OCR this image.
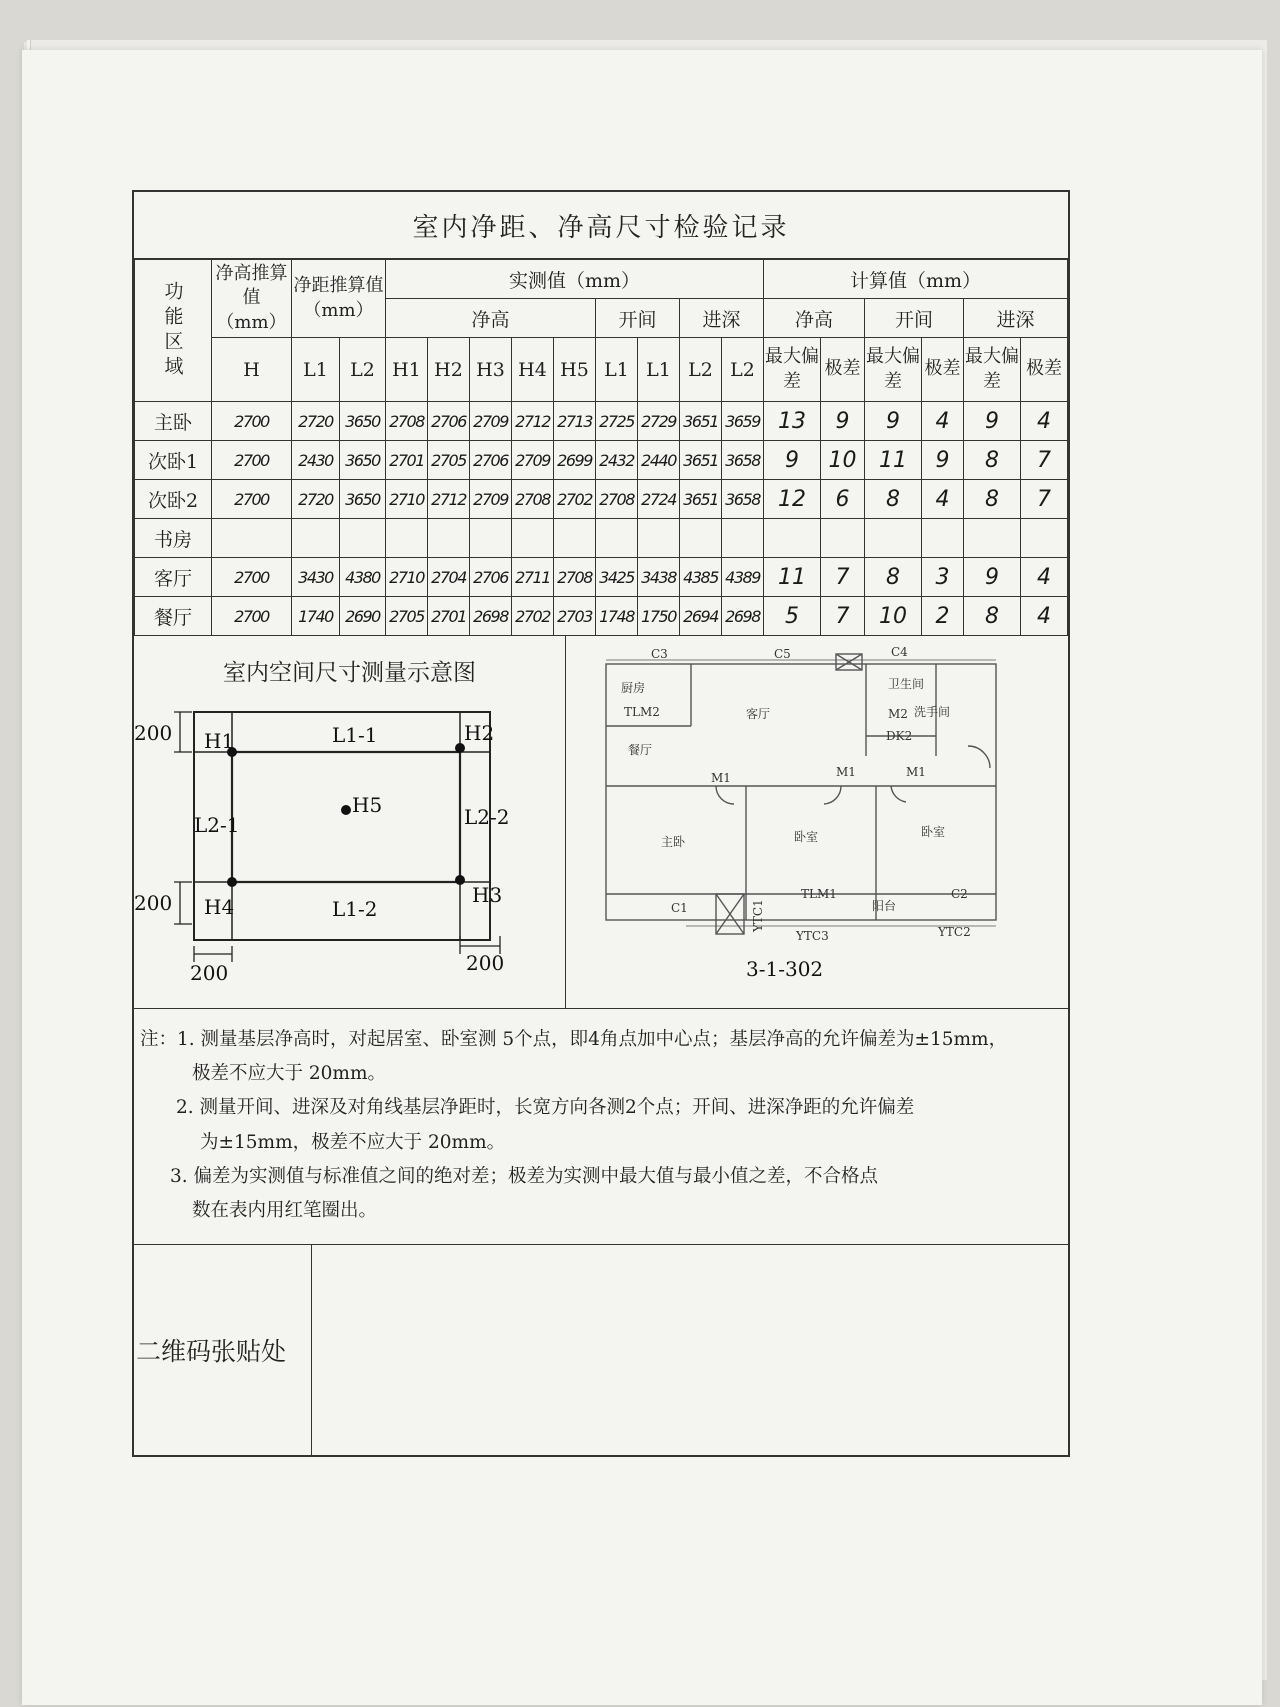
室内净距、净高尺寸检验记录
功能区域	净高推算值（mm）	净距推算值（mm）		实测值（mm）									计算值（mm）					
				净高					开间		进深		净高		开间		进深	
	H	L1	L2	H1	H2	H3	H4	H5	L1	L1	L2	L2	最大偏差	极差	最大偏差	极差	最大偏差	极差
主卧	2700	2720	3650	2708	2706	2709	2712	2713	2725	2729	3651	3659	13	9	9	4	9	4
次卧1	2700	2430	3650	2701	2705	2706	2709	2699	2432	2440	3651	3658	9	10	11	9	8	7
次卧2	2700	2720	3650	2710	2712	2709	2708	2702	2708	2724	3651	3658	12	6	8	4	8	7
书房																		
客厅	2700	3430	4380	2710	2704	2706	2711	2708	3425	3438	4385	4389	11	7	8	3	9	4
餐厅	2700	1740	2690	2705	2701	2698	2702	2703	1748	1750	2694	2698	5	7	10	2	8	4
室内空间尺寸测量示意图
200
200
200	200
H1	H2
H3
H4
H5
L1-1
L1-2
L2-1	L2-2
厨房
客厅
餐厅
主卧	卧室	卧室
卫生间
洗手间
阳台
C3	C5	C4
TLM2	M2
DK2
M1	M1	M1
C1
TLM1	C2
YTC1
YTC3	YTC2
3-1-302
注：1. 测量基层净高时，对起居室、卧室测 5个点，即4角点加中心点；基层净高的允许偏差为±15mm，
极差不应大于 20mm。
2. 测量开间、进深及对角线基层净距时，长宽方向各测2个点；开间、进深净距的允许偏差
为±15mm，极差不应大于 20mm。
3. 偏差为实测值与标准值之间的绝对差；极差为实测中最大值与最小值之差，不合格点
数在表内用红笔圈出。
二维码张贴处
